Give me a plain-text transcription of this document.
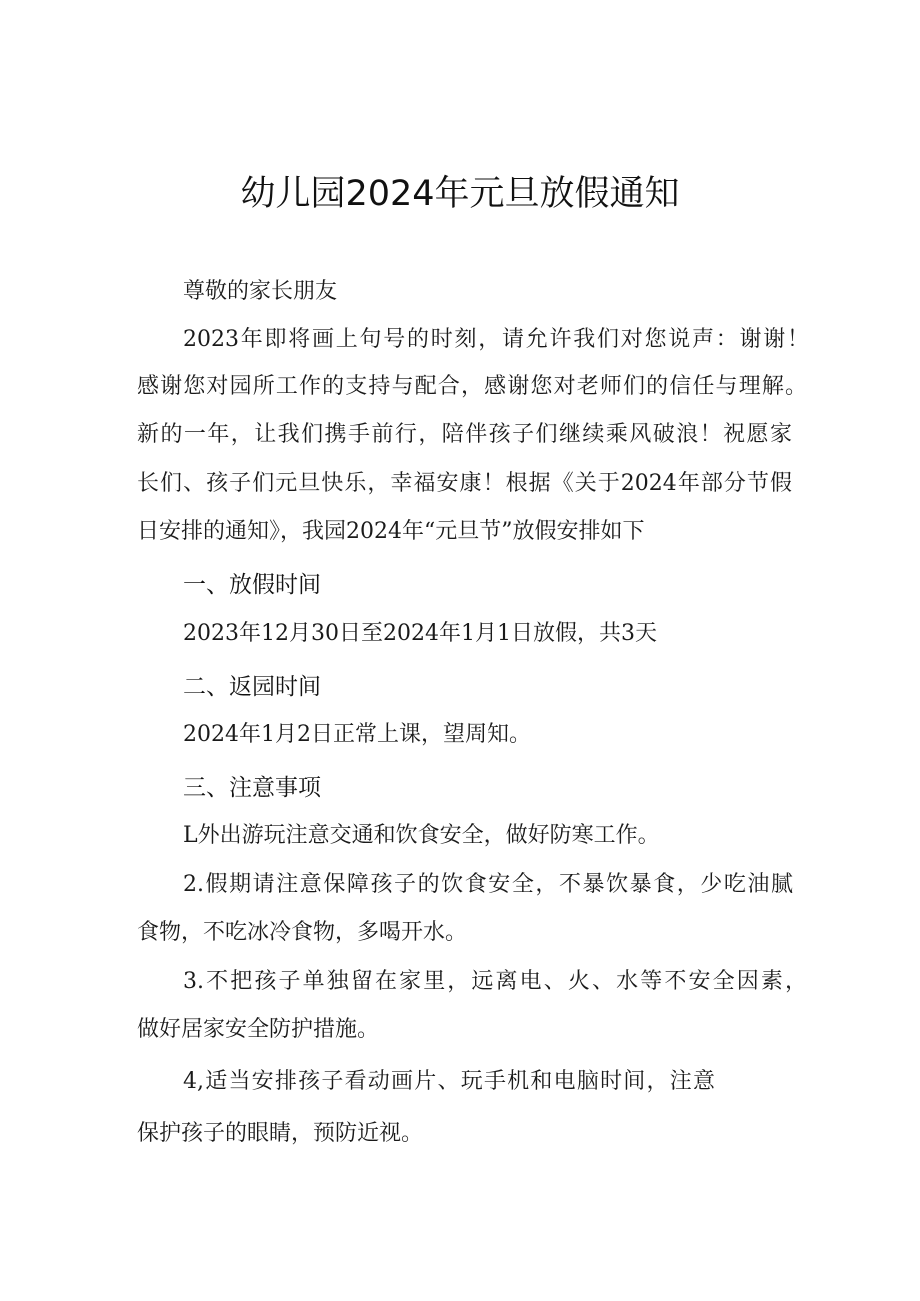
幼儿园2024年元旦放假通知
尊敬的家长朋友
2023年即将画上句号的时刻，请允许我们对您说声：谢谢！
感谢您对园所工作的支持与配合，感谢您对老师们的信任与理解。
新的一年，让我们携手前行，陪伴孩子们继续乘风破浪！祝愿家
长们、孩子们元旦快乐，幸福安康！根据《关于2024年部分节假
日安排的通知》，我园2024年“元旦节”放假安排如下
一、放假时间
2023年12月30日至2024年1月1日放假，共3天
二、返园时间
2024年1月2日正常上课，望周知。
三、注意事项
L外出游玩注意交通和饮食安全，做好防寒工作。
2.假期请注意保障孩子的饮食安全，不暴饮暴食，少吃油腻
食物，不吃冰冷食物，多喝开水。
3.不把孩子单独留在家里，远离电、火、水等不安全因素，
做好居家安全防护措施。
4,适当安排孩子看动画片、玩手机和电脑时间，注意
保护孩子的眼睛，预防近视。
